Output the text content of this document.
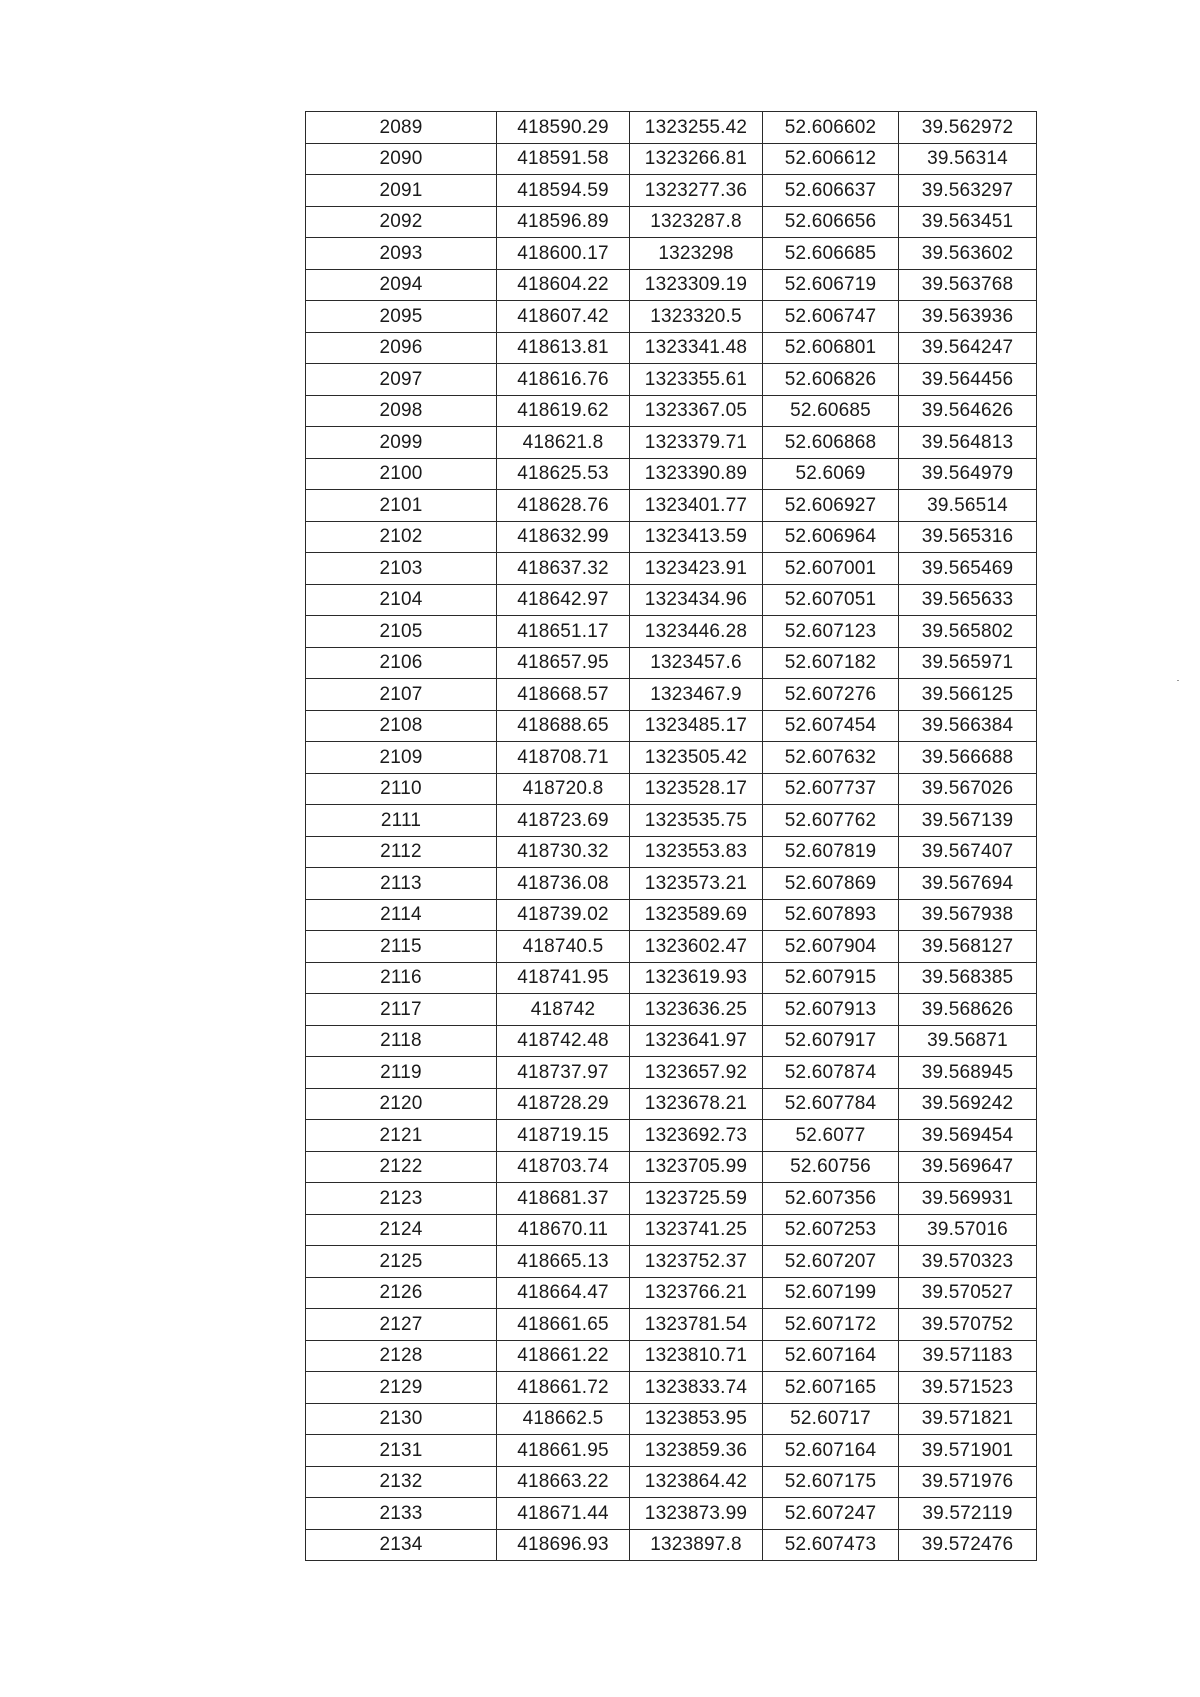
2089	418590.29	1323255.42	52.606602	39.562972
2090	418591.58	1323266.81	52.606612	39.56314
2091	418594.59	1323277.36	52.606637	39.563297
2092	418596.89	1323287.8	52.606656	39.563451
2093	418600.17	1323298	52.606685	39.563602
2094	418604.22	1323309.19	52.606719	39.563768
2095	418607.42	1323320.5	52.606747	39.563936
2096	418613.81	1323341.48	52.606801	39.564247
2097	418616.76	1323355.61	52.606826	39.564456
2098	418619.62	1323367.05	52.60685	39.564626
2099	418621.8	1323379.71	52.606868	39.564813
2100	418625.53	1323390.89	52.6069	39.564979
2101	418628.76	1323401.77	52.606927	39.56514
2102	418632.99	1323413.59	52.606964	39.565316
2103	418637.32	1323423.91	52.607001	39.565469
2104	418642.97	1323434.96	52.607051	39.565633
2105	418651.17	1323446.28	52.607123	39.565802
2106	418657.95	1323457.6	52.607182	39.565971
2107	418668.57	1323467.9	52.607276	39.566125
2108	418688.65	1323485.17	52.607454	39.566384
2109	418708.71	1323505.42	52.607632	39.566688
2110	418720.8	1323528.17	52.607737	39.567026
2111	418723.69	1323535.75	52.607762	39.567139
2112	418730.32	1323553.83	52.607819	39.567407
2113	418736.08	1323573.21	52.607869	39.567694
2114	418739.02	1323589.69	52.607893	39.567938
2115	418740.5	1323602.47	52.607904	39.568127
2116	418741.95	1323619.93	52.607915	39.568385
2117	418742	1323636.25	52.607913	39.568626
2118	418742.48	1323641.97	52.607917	39.56871
2119	418737.97	1323657.92	52.607874	39.568945
2120	418728.29	1323678.21	52.607784	39.569242
2121	418719.15	1323692.73	52.6077	39.569454
2122	418703.74	1323705.99	52.60756	39.569647
2123	418681.37	1323725.59	52.607356	39.569931
2124	418670.11	1323741.25	52.607253	39.57016
2125	418665.13	1323752.37	52.607207	39.570323
2126	418664.47	1323766.21	52.607199	39.570527
2127	418661.65	1323781.54	52.607172	39.570752
2128	418661.22	1323810.71	52.607164	39.571183
2129	418661.72	1323833.74	52.607165	39.571523
2130	418662.5	1323853.95	52.60717	39.571821
2131	418661.95	1323859.36	52.607164	39.571901
2132	418663.22	1323864.42	52.607175	39.571976
2133	418671.44	1323873.99	52.607247	39.572119
2134	418696.93	1323897.8	52.607473	39.572476
